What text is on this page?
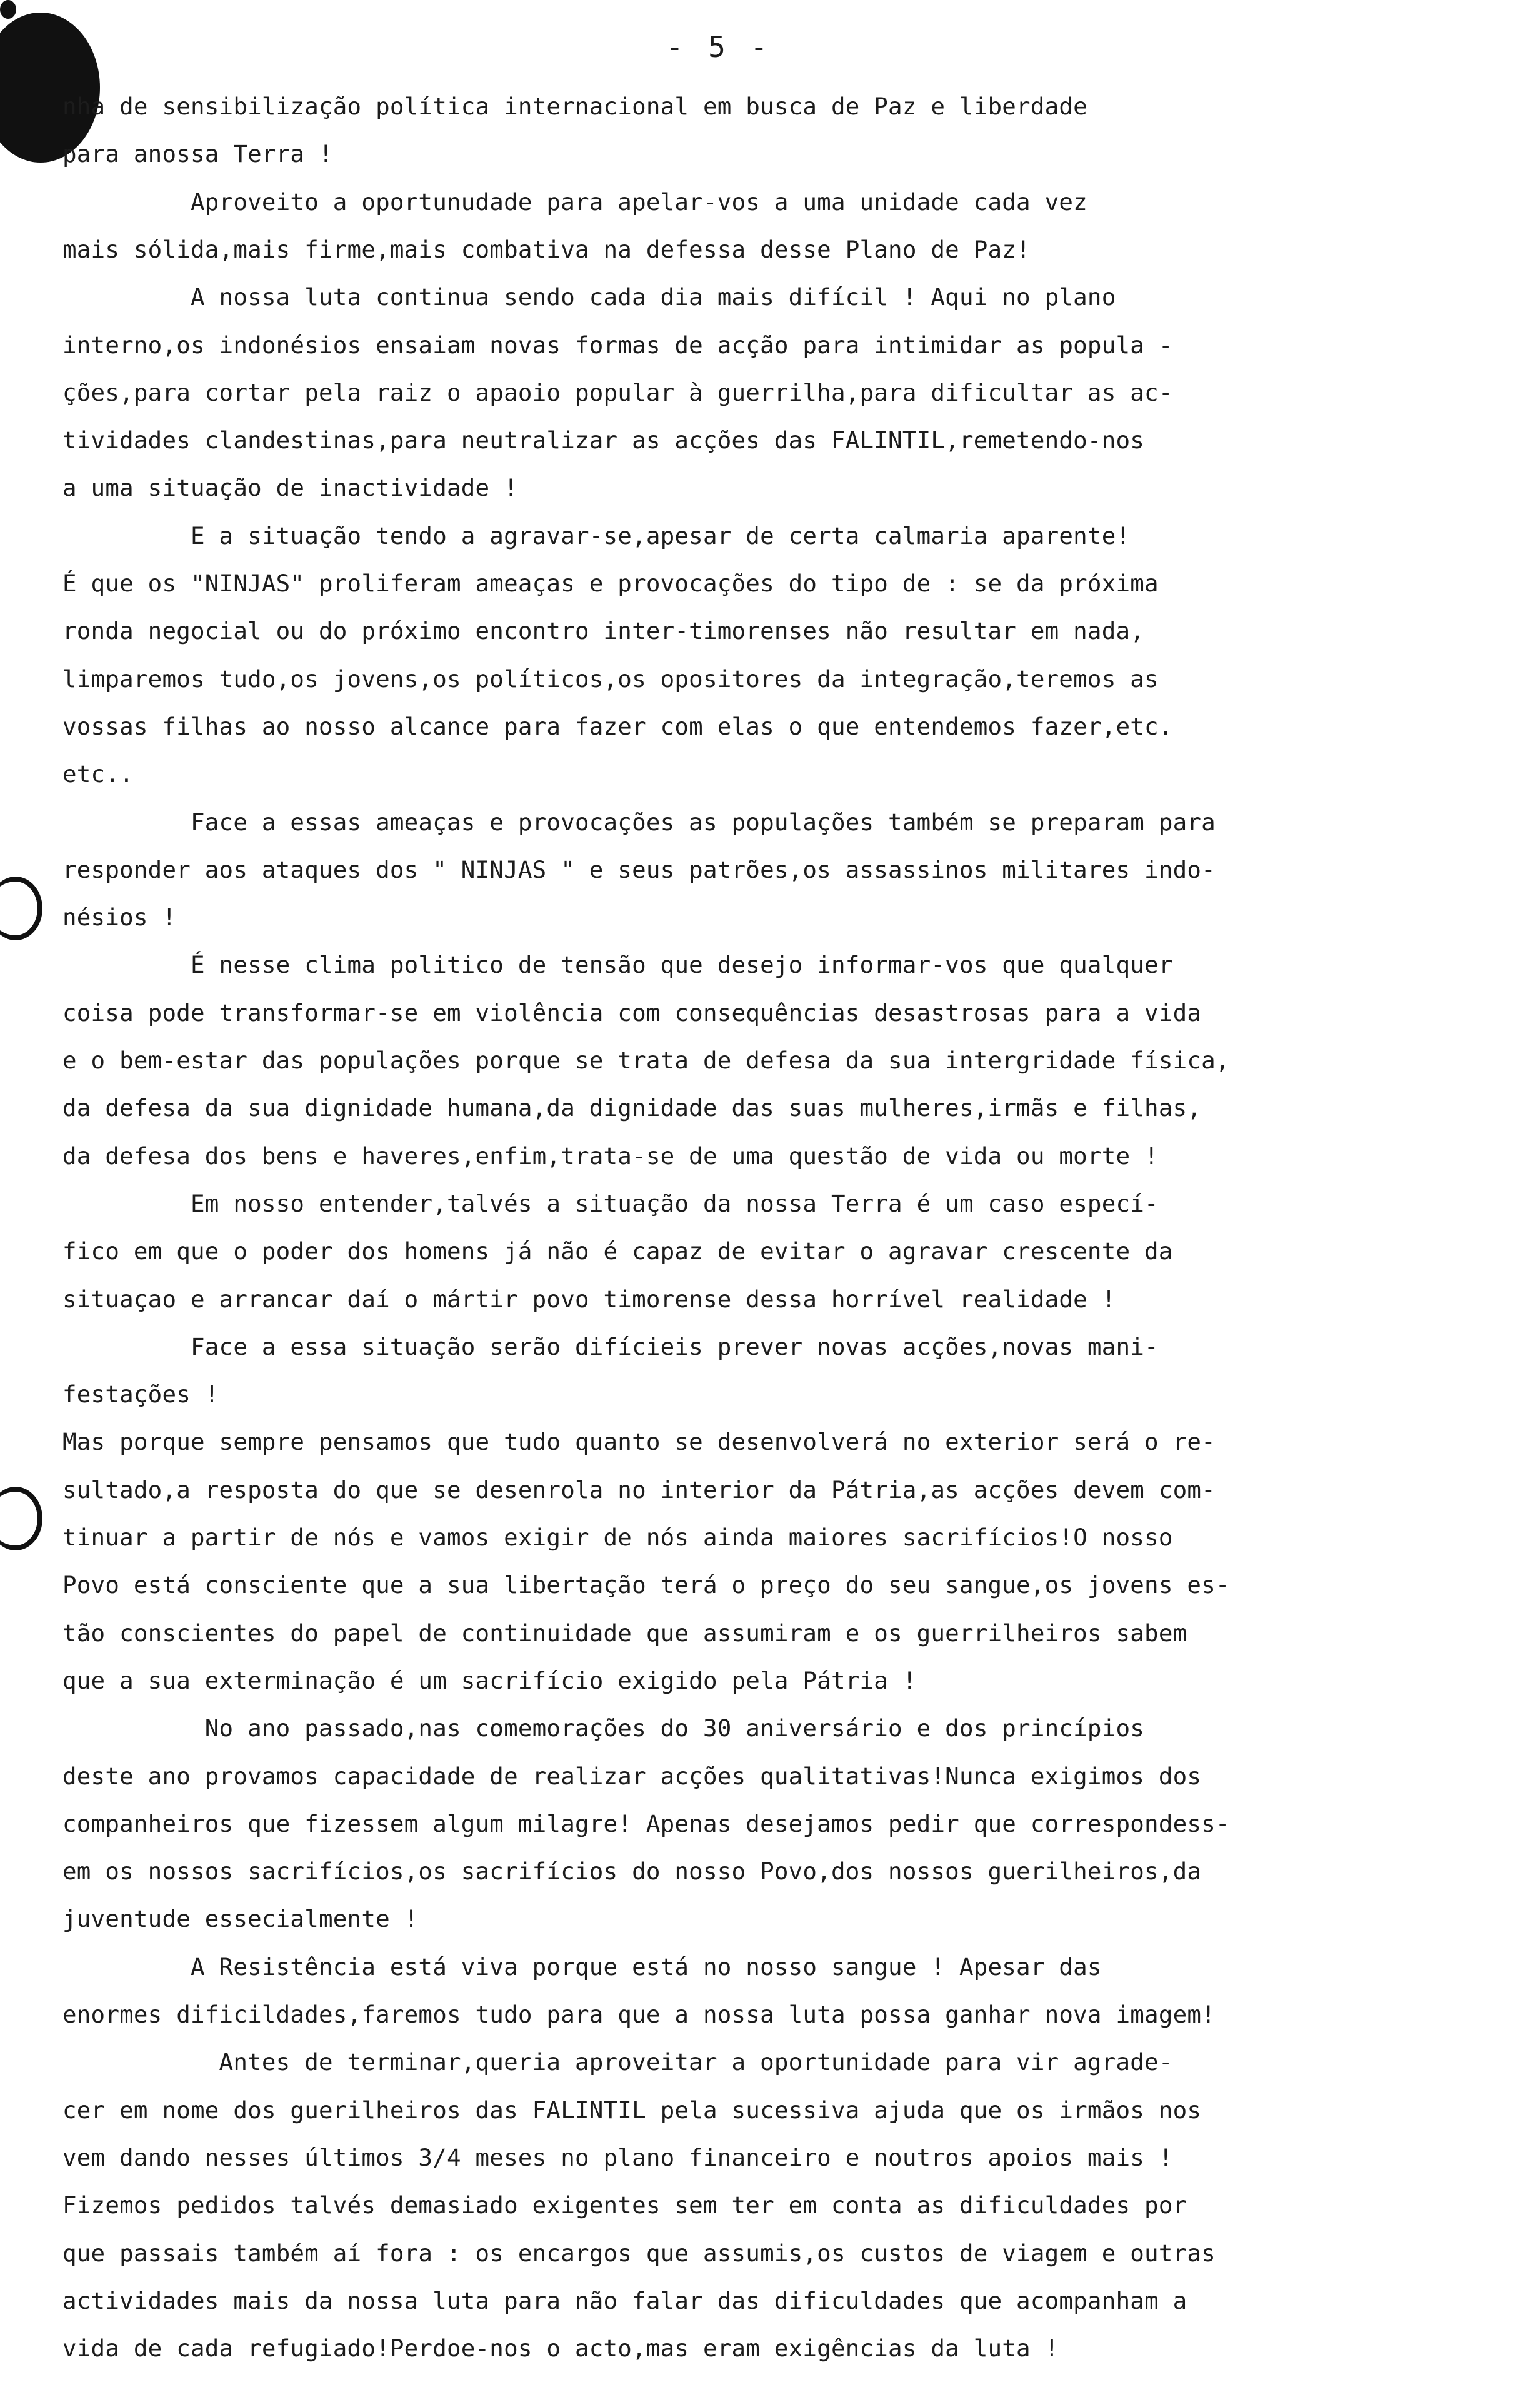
- 5 -
nha de sensibilização política internacional em busca de Paz e liberdade
para anossa Terra !
Aproveito a oportunudade para apelar-vos a uma unidade cada vez
mais sólida,mais firme,mais combativa na defessa desse Plano de Paz!
A nossa luta continua sendo cada dia mais difícil ! Aqui no plano
interno,os indonésios ensaiam novas formas de acção para intimidar as popula -
ções,para cortar pela raiz o apaoio popular à guerrilha,para dificultar as ac-
tividades clandestinas,para neutralizar as acções das FALINTIL,remetendo-nos
a uma situação de inactividade !
E a situação tendo a agravar-se,apesar de certa calmaria aparente!
É que os "NINJAS" proliferam ameaças e provocações do tipo de : se da próxima
ronda negocial ou do próximo encontro inter-timorenses não resultar em nada,
limparemos tudo,os jovens,os políticos,os opositores da integração,teremos as
vossas filhas ao nosso alcance para fazer com elas o que entendemos fazer,etc.
etc..
Face a essas ameaças e provocações as populações também se preparam para
responder aos ataques dos " NINJAS " e seus patrões,os assassinos militares indo-
nésios !
É nesse clima politico de tensão que desejo informar-vos que qualquer
coisa pode transformar-se em violência com consequências desastrosas para a vida
e o bem-estar das populações porque se trata de defesa da sua intergridade física,
da defesa da sua dignidade humana,da dignidade das suas mulheres,irmãs e filhas,
da defesa dos bens e haveres,enfim,trata-se de uma questão de vida ou morte !
Em nosso entender,talvés a situação da nossa Terra é um caso especí-
fico em que o poder dos homens já não é capaz de evitar o agravar crescente da
situaçao e arrancar daí o mártir povo timorense dessa horrível realidade !
Face a essa situação serão difícieis prever novas acções,novas mani-
festações !
Mas porque sempre pensamos que tudo quanto se desenvolverá no exterior será o re-
sultado,a resposta do que se desenrola no interior da Pátria,as acções devem com-
tinuar a partir de nós e vamos exigir de nós ainda maiores sacrifícios!O nosso
Povo está consciente que a sua libertação terá o preço do seu sangue,os jovens es-
tão conscientes do papel de continuidade que assumiram e os guerrilheiros sabem
que a sua exterminação é um sacrifício exigido pela Pátria !
No ano passado,nas comemorações do 30 aniversário e dos princípios
deste ano provamos capacidade de realizar acções qualitativas!Nunca exigimos dos
companheiros que fizessem algum milagre! Apenas desejamos pedir que correspondess-
em os nossos sacrifícios,os sacrifícios do nosso Povo,dos nossos guerilheiros,da
juventude essecialmente !
A Resistência está viva porque está no nosso sangue ! Apesar das
enormes dificildades,faremos tudo para que a nossa luta possa ganhar nova imagem!
Antes de terminar,queria aproveitar a oportunidade para vir agrade-
cer em nome dos guerilheiros das FALINTIL pela sucessiva ajuda que os irmãos nos
vem dando nesses últimos 3/4 meses no plano financeiro e noutros apoios mais !
Fizemos pedidos talvés demasiado exigentes sem ter em conta as dificuldades por
que passais também aí fora : os encargos que assumis,os custos de viagem e outras
actividades mais da nossa luta para não falar das dificuldades que acompanham a
vida de cada refugiado!Perdoe-nos o acto,mas eram exigências da luta !
